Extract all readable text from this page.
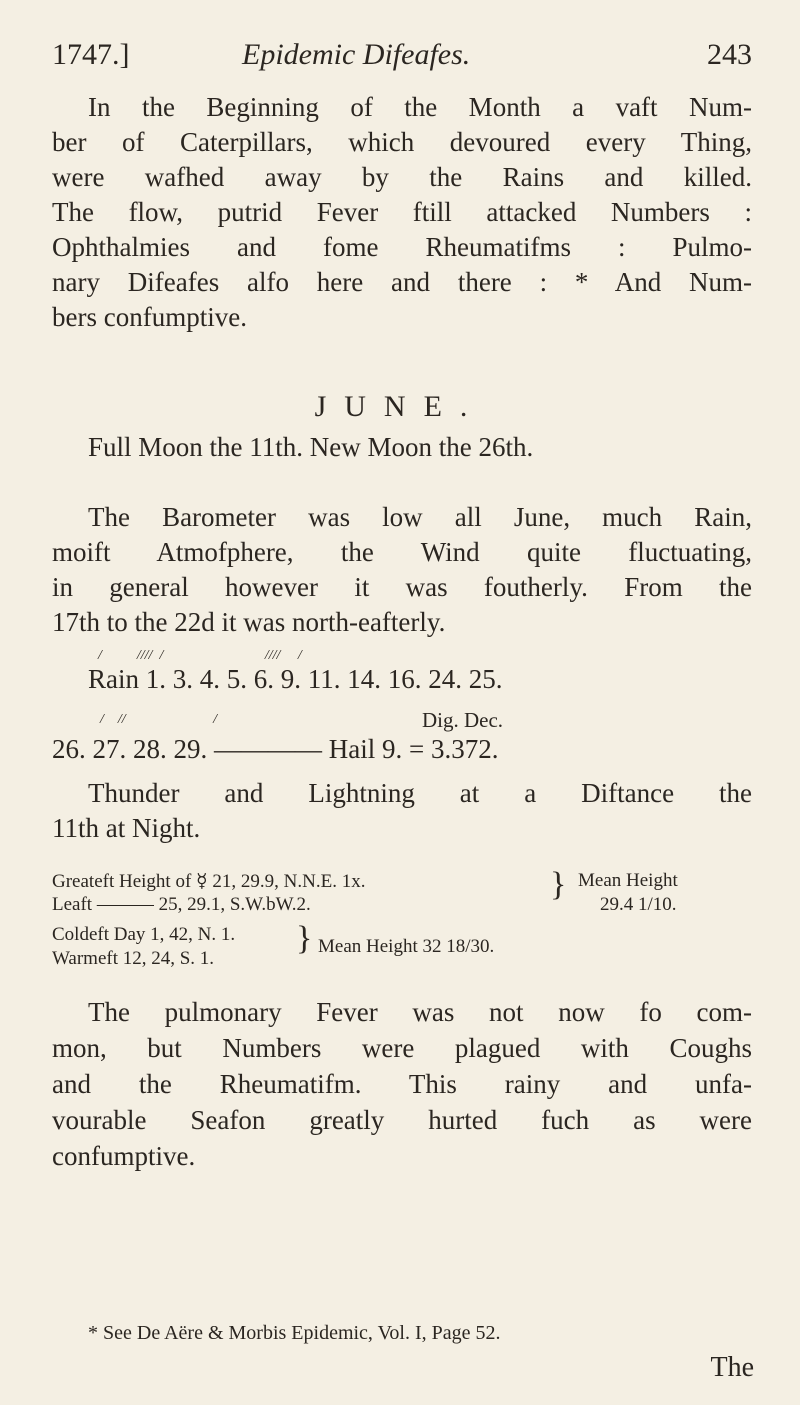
1747.]	Epidemic Difeafes.	243
In the Beginning of the Month a vaft Num-
ber of Caterpillars, which devoured every Thing,
were wafhed away by the Rains and killed.
The flow, putrid Fever ftill attacked Numbers :
Ophthalmies and fome Rheumatifms : Pulmo-
nary Difeafes alfo here and there : * And Num-
bers confumptive.
JUNE.
Full Moon the 11th. New Moon the 26th.
The Barometer was low all June, much Rain,
moift Atmofphere, the Wind quite fluctuating,
in general however it was foutherly. From the
17th to the 22d it was north-eafterly.
/          ////  /                             ////     /
Rain 1. 3. 4. 5. 6. 9. 11. 14. 16. 24. 25.
/    //                         /	Dig. Dec.
26. 27. 28. 29. ———— Hail 9. = 3.372.
Thunder and Lightning at a Diftance the
11th at Night.
Greateft Height of ☿ 21, 29.9, N.N.E. 1x.
Leaft ——— 25, 29.1, S.W.bW.2.
} Mean Height
29.4 1/10.
Coldeft Day 1, 42, N. 1.
Warmeft 12, 24, S. 1.
} Mean Height 32 18/30.
The pulmonary Fever was not now fo com-
mon, but Numbers were plagued with Coughs
and the Rheumatifm. This rainy and unfa-
vourable Seafon greatly hurted fuch as were
confumptive.
* See De Aëre & Morbis Epidemic, Vol. I, Page 52.
The
